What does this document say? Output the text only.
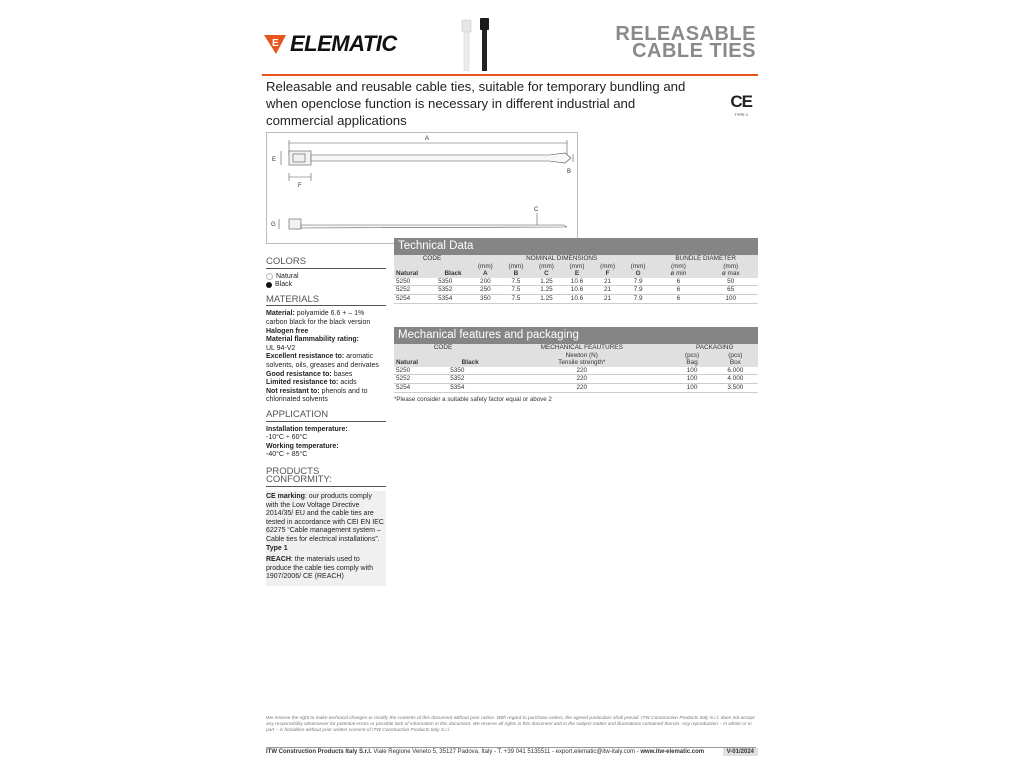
E ELEMATIC	RELEASABLE
CABLE TIES
Releasable and reusable cable ties, suitable for temporary bundling and when openclose function is necessary in different industrial and commercial applications
CE
TYPE 1
A
E
B
F
G
C
COLORS
Natural
Black
MATERIALS

Material: polyamide 6.6 + – 1% carbon black for the black version

Halogen free

Material flammability rating:

UL 94-V2

Excellent resistance to: aromatic solvents, oils, greases and derivates

Good resistance to: bases

Limited resistance to: acids

Not resistant to: phenols and to chlorinated solvents

APPLICATION

Installation temperature:

-10°C ÷ 60°C

Working temperature:

-40°C ÷ 85°C

PRODUCTS CONFORMITY:

CE marking: our products comply with the Low Voltage Directive 2014/35/ EU and the cable ties are tested in accordance with CEI EN IEC 62275 “Cable management system – Cable ties for electrical installations”.

Type 1

REACH: the materials used to produce the cable ties comply with 1907/2006/ CE (REACH)

Technical Data
CODE		NOMINAL DIMENSIONS						BUNDLE DIAMETER	
		(mm)	(mm)	(mm)	(mm)	(mm)	(mm)	(mm)	(mm)
Natural	Black	A	B	C	E	F	G	ø min	ø max
5250	5350	200	7.5	1.25	10.6	21	7.9	6	50
5252	5352	250	7.5	1.25	10.6	21	7.9	6	65
5254	5354	350	7.5	1.25	10.6	21	7.9	6	100
Mechanical features and packaging
CODE		MECHANICAL FEAUTURES	PACKAGING	
		Newton (N)	(pcs)	(pcs)
Natural	Black	Tensile strength*	Bag	Box
5250	5350	220	100	6.000
5252	5352	220	100	4.000
5254	5354	220	100	3.500
*Please consider a suitable safety factor equal or above 2
We reserve the right to make technical changes or modify the contents of this document without prior notice. With regard to purchase orders, the agreed particulars shall prevail. ITW Construction Products Italy S.r.l. does not accept any responsibility whatsoever for potential errors or possible lack of information in this document. We reserve all rights in this document and in the subject matter and illustrations contained therein. Any reproduction – in whole or in part – is forbidden without prior written consent of ITW Construction Products Italy S.r.l.
ITW Construction Products Italy S.r.l. Viale Regione Veneto 5, 35127 Padova, Italy - T. +39 041 5135511 - export.elematic@itw-italy.com - www.itw-elematic.com	V-01/2024
